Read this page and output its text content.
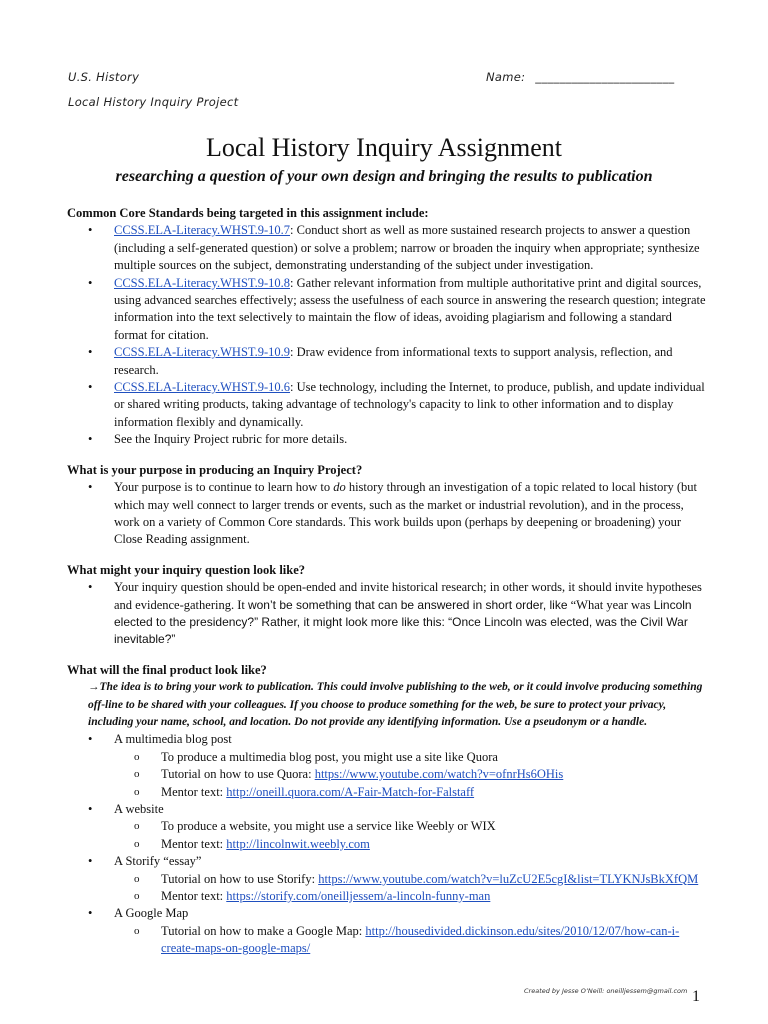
U.S. History
Local History Inquiry Project
Name: _______________________
Local History Inquiry Assignment
researching a question of your own design and bringing the results to publication

Common Core Standards being targeted in this assignment include:

• CCSS.ELA-Literacy.WHST.9-10.7: Conduct short as well as more sustained research projects to answer a question (including a self-generated question) or solve a problem; narrow or broaden the inquiry when appropriate; synthesize multiple sources on the subject, demonstrating understanding of the subject under investigation.
• CCSS.ELA-Literacy.WHST.9-10.8: Gather relevant information from multiple authoritative print and digital sources, using advanced searches effectively; assess the usefulness of each source in answering the research question; integrate information into the text selectively to maintain the flow of ideas, avoiding plagiarism and following a standard format for citation.
• CCSS.ELA-Literacy.WHST.9-10.9: Draw evidence from informational texts to support analysis, reflection, and research.
• CCSS.ELA-Literacy.WHST.9-10.6: Use technology, including the Internet, to produce, publish, and update individual or shared writing products, taking advantage of technology's capacity to link to other information and to display information flexibly and dynamically.
• See the Inquiry Project rubric for more details.

What is your purpose in producing an Inquiry Project?

• Your purpose is to continue to learn how to do history through an investigation of a topic related to local history (but which may well connect to larger trends or events, such as the market or industrial revolution), and in the process, work on a variety of Common Core standards. This work builds upon (perhaps by deepening or broadening) your Close Reading assignment.

What might your inquiry question look like?

• Your inquiry question should be open-ended and invite historical research; in other words, it should invite hypotheses and evidence-gathering. It won’t be something that can be answered in short order, like “What year was Lincoln elected to the presidency?” Rather, it might look more like this: “Once Lincoln was elected, was the Civil War inevitable?”

What will the final product look like?

→The idea is to bring your work to publication. This could involve publishing to the web, or it could involve producing something off-line to be shared with your colleagues. If you choose to produce something for the web, be sure to protect your privacy, including your name, school, and location. Do not provide any identifying information. Use a pseudonym or a handle.
• A multimedia blog post
o To produce a multimedia blog post, you might use a site like Quora
o Tutorial on how to use Quora: https://www.youtube.com/watch?v=ofnrHs6OHis
o Mentor text: http://oneill.quora.com/A-Fair-Match-for-Falstaff
• A website
o To produce a website, you might use a service like Weebly or WIX
o Mentor text: http://lincolnwit.weebly.com
• A Storify “essay”
o Tutorial on how to use Storify: https://www.youtube.com/watch?v=luZcU2E5cgI&list=TLYKNJsBkXfQM
o Mentor text: https://storify.com/oneilljessem/a-lincoln-funny-man
• A Google Map
o Tutorial on how to make a Google Map: http://housedivided.dickinson.edu/sites/2010/12/07/how-can-i-create-maps-on-google-maps/
Created by Jesse O’Neill: oneilljessem@gmail.com 1
